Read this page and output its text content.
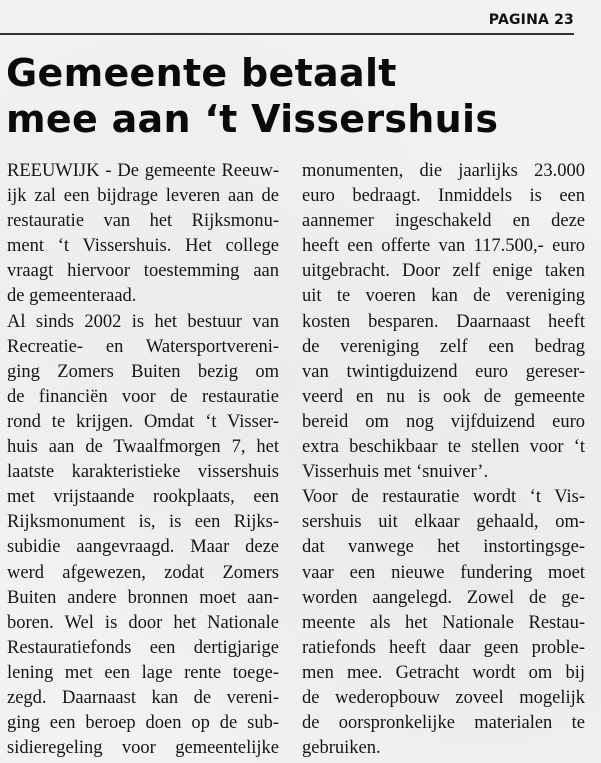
PAGINA 23
Gemeente betaalt
mee aan ‘t Vissershuis
REEUWIJK - De gemeente Reeuw-
ijk zal een bijdrage leveren aan de
restauratie van het Rijksmonu-
ment ‘t Vissershuis. Het college
vraagt hiervoor toestemming aan
de gemeenteraad.
Al sinds 2002 is het bestuur van
Recreatie- en Watersportvereni-
ging Zomers Buiten bezig om
de financiën voor de restauratie
rond te krijgen. Omdat ‘t Visser-
huis aan de Twaalfmorgen 7, het
laatste karakteristieke vissershuis
met vrijstaande rookplaats, een
Rijksmonument is, is een Rijks-
subidie aangevraagd. Maar deze
werd afgewezen, zodat Zomers
Buiten andere bronnen moet aan-
boren. Wel is door het Nationale
Restauratiefonds een dertigjarige
lening met een lage rente toege-
zegd. Daarnaast kan de vereni-
ging een beroep doen op de sub-
sidieregeling voor gemeentelijke
monumenten, die jaarlijks 23.000
euro bedraagt. Inmiddels is een
aannemer ingeschakeld en deze
heeft een offerte van 117.500,- euro
uitgebracht. Door zelf enige taken
uit te voeren kan de vereniging
kosten besparen. Daarnaast heeft
de vereniging zelf een bedrag
van twintigduizend euro gereser-
veerd en nu is ook de gemeente
bereid om nog vijfduizend euro
extra beschikbaar te stellen voor ‘t
Visserhuis met ‘snuiver’.
Voor de restauratie wordt ‘t Vis-
sershuis uit elkaar gehaald, om-
dat vanwege het instortingsge-
vaar een nieuwe fundering moet
worden aangelegd. Zowel de ge-
meente als het Nationale Restau-
ratiefonds heeft daar geen proble-
men mee. Getracht wordt om bij
de wederopbouw zoveel mogelijk
de oorspronkelijke materialen te
gebruiken.
